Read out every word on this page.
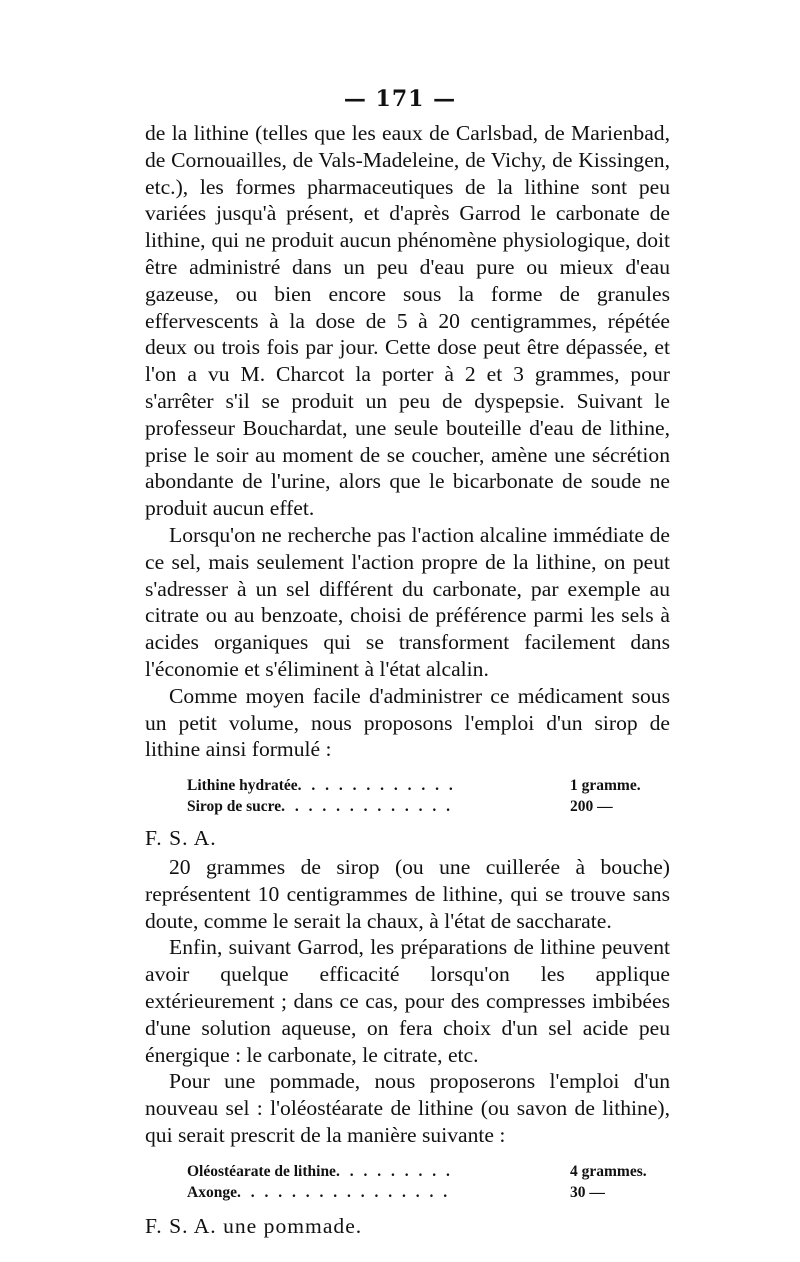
— 171 —

de la lithine (telles que les eaux de Carlsbad, de Marienbad, de Cornouailles, de Vals-Madeleine, de Vichy, de Kissingen, etc.), les formes pharmaceutiques de la lithine sont peu variées jusqu'à présent, et d'après Garrod le carbonate de lithine, qui ne produit aucun phénomène physiologique, doit être administré dans un peu d'eau pure ou mieux d'eau gazeuse, ou bien encore sous la forme de granules effervescents à la dose de 5 à 20 centigrammes, répétée deux ou trois fois par jour. Cette dose peut être dépassée, et l'on a vu M. Charcot la porter à 2 et 3 grammes, pour s'arrêter s'il se produit un peu de dyspepsie. Suivant le professeur Bouchardat, une seule bouteille d'eau de lithine, prise le soir au moment de se coucher, amène une sécrétion abondante de l'urine, alors que le bicarbonate de soude ne produit aucun effet.

Lorsqu'on ne recherche pas l'action alcaline immédiate de ce sel, mais seulement l'action propre de la lithine, on peut s'adresser à un sel différent du carbonate, par exemple au citrate ou au benzoate, choisi de préférence parmi les sels à acides organiques qui se transforment facilement dans l'économie et s'éliminent à l'état alcalin.

Comme moyen facile d'administrer ce médicament sous un petit volume, nous proposons l'emploi d'un sirop de lithine ainsi formulé :

Lithine hydratée . . . . . . . . . . . .	1 gramme.
Sirop de sucre . . . . . . . . . . . . .	200 —

F. S. A.

20 grammes de sirop (ou une cuillerée à bouche) représentent 10 centigrammes de lithine, qui se trouve sans doute, comme le serait la chaux, à l'état de saccharate.

Enfin, suivant Garrod, les préparations de lithine peuvent avoir quelque efficacité lorsqu'on les applique extérieurement ; dans ce cas, pour des compresses imbibées d'une solution aqueuse, on fera choix d'un sel acide peu énergique : le carbonate, le citrate, etc.

Pour une pommade, nous proposerons l'emploi d'un nouveau sel : l'oléostéarate de lithine (ou savon de lithine), qui serait prescrit de la manière suivante :

Oléostéarate de lithine . . . . . . . . .	4 grammes.
Axonge . . . . . . . . . . . . . . . .	30 —

F. S. A. une pommade.
